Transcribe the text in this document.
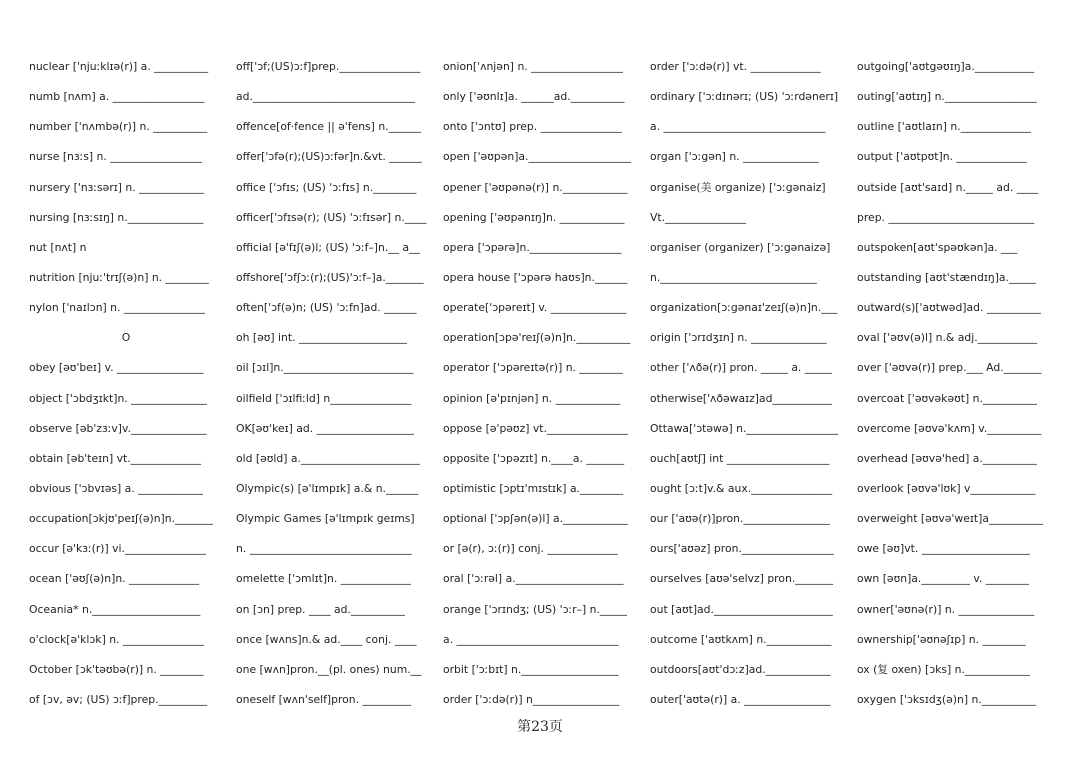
nuclear ['njuːklɪə(r)] a. __________
numb [nʌm] a. _________________
number ['nʌmbə(r)] n. __________
nurse [nɜːs] n. _________________
nursery ['nɜːsərɪ] n. ____________
nursing [nɜːsɪŋ] n.______________
nut [nʌt] n
nutrition [njuː'trɪʃ(ə)n] n. ________
nylon ['naɪlɔn] n. _______________
O
obey [əʊ'beɪ] v. ________________
object ['ɔbdʒɪkt]n. ______________
observe [əb'zɜːv]v.______________
obtain [əb'teɪn] vt._____________
obvious ['ɔbvɪəs] a. ____________
occupation[ɔkjʊ'peɪʃ(ə)n]n._______
occur [ə'kɜː(r)] vi._______________
ocean ['əʊʃ(ə)n]n. _____________
Oceania* n.____________________
o'clock[ə'klɔk] n. _______________
October [ɔk'təʊbə(r)] n. ________
of [ɔv, əv; (US) ɔːf]prep._________
off['ɔf;(US)ɔːf]prep._______________
ad.______________________________
offence[of·fence || ə'fens] n.______
offer['ɔfə(r);(US)ɔːfər]n.&vt. ______
office ['ɔfɪs; (US) 'ɔːfɪs] n.________
officer['ɔfɪsə(r); (US) 'ɔːfɪsər] n.____
official [ə'fɪʃ(ə)l; (US) 'ɔːf–]n.__ a__
offshore['ɔfʃɔː(r);(US)'ɔːf–]a._______
often['ɔf(ə)n; (US) 'ɔːfn]ad. ______
oh [əʊ] int. ____________________
oil [ɔɪl]n.________________________
oilfield ['ɔɪlfiːld] n_______________
OK[əʊ'keɪ] ad. __________________
old [əʊld] a.______________________
Olympic(s) [ə'lɪmpɪk] a.& n.______
Olympic Games [ə'lɪmpɪk geɪms]
n. ______________________________
omelette ['ɔmlɪt]n. _____________
on [ɔn] prep. ____ ad.__________
once [wʌns]n.& ad.____ conj. ____
one [wʌn]pron.__(pl. ones) num.__
oneself [wʌn'self]pron. _________
onion['ʌnjən] n. _________________
only ['əʊnlɪ]a. ______ad.__________
onto ['ɔntʊ] prep. _______________
open ['əʊpən]a.___________________
opener ['əʊpənə(r)] n.____________
opening ['əʊpənɪŋ]n. ____________
opera ['ɔpərə]n._________________
opera house ['ɔpərə haʊs]n.______
operate['ɔpəreɪt] v. ______________
operation[ɔpə'reɪʃ(ə)n]n.__________
operator ['ɔpəreɪtə(r)] n. ________
opinion [ə'pɪnjən] n. ____________
oppose [ə'pəʊz] vt._______________
opposite ['ɔpəzɪt] n.____a. _______
optimistic [ɔptɪ'mɪstɪk] a.________
optional ['ɔpʃən(ə)l] a.____________
or [ə(r), ɔː(r)] conj. _____________
oral ['ɔːrəl] a.____________________
orange ['ɔrɪndʒ; (US) 'ɔːr–] n._____
a. ______________________________
orbit ['ɔːbɪt] n.__________________
order ['ɔːdə(r)] n________________
order ['ɔːdə(r)] vt. _____________
ordinary ['ɔːdɪnərɪ; (US) 'ɔːrdənerɪ]
a. ______________________________
organ ['ɔːgən] n. ______________
organise(美 organize) ['ɔːgənaiz]
Vt._______________
organiser (organizer) ['ɔːgənaizə]
n._____________________________
organization[ɔːgənaɪ'zeɪʃ(ə)n]n.___
origin ['ɔrɪdʒɪn] n. ______________
other ['ʌðə(r)] pron. _____ a. _____
otherwise['ʌðəwaɪz]ad___________
Ottawa['ɔtəwə] n._________________
ouch[aʊtʃ] int ___________________
ought [ɔːt]v.& aux._______________
our ['aʊə(r)]pron.________________
ours['aʊəz] pron._________________
ourselves [aʊə'selvz] pron._______
out [aʊt]ad.______________________
outcome ['aʊtkʌm] n.____________
outdoors[aʊt'dɔːz]ad.____________
outer['aʊtə(r)] a. ________________
outgoing['aʊtgəʊɪŋ]a.___________
outing['aʊtɪŋ] n._________________
outline ['aʊtlaɪn] n._____________
output ['aʊtpʊt]n. _____________
outside [aʊt'saɪd] n._____ ad. ____
prep. ___________________________
outspoken[aʊt'spəʊkən]a. ___
outstanding [aʊt'stændɪŋ]a._____
outward(s)['aʊtwəd]ad. __________
oval ['əʊv(ə)l] n.& adj.___________
over ['əʊvə(r)] prep.___ Ad._______
overcoat ['əʊvəkəʊt] n.__________
overcome [əʊvə'kʌm] v.__________
overhead [əʊvə'hed] a.__________
overlook [əʊvə'lʊk] v____________
overweight [əʊvə'weɪt]a__________
owe [əʊ]vt. ____________________
own [əʊn]a._________ v. ________
owner['əʊnə(r)] n. ______________
ownership['əʊnəʃɪp] n. ________
ox (复 oxen) [ɔks] n.____________
oxygen ['ɔksɪdʒ(ə)n] n.__________
第23页
